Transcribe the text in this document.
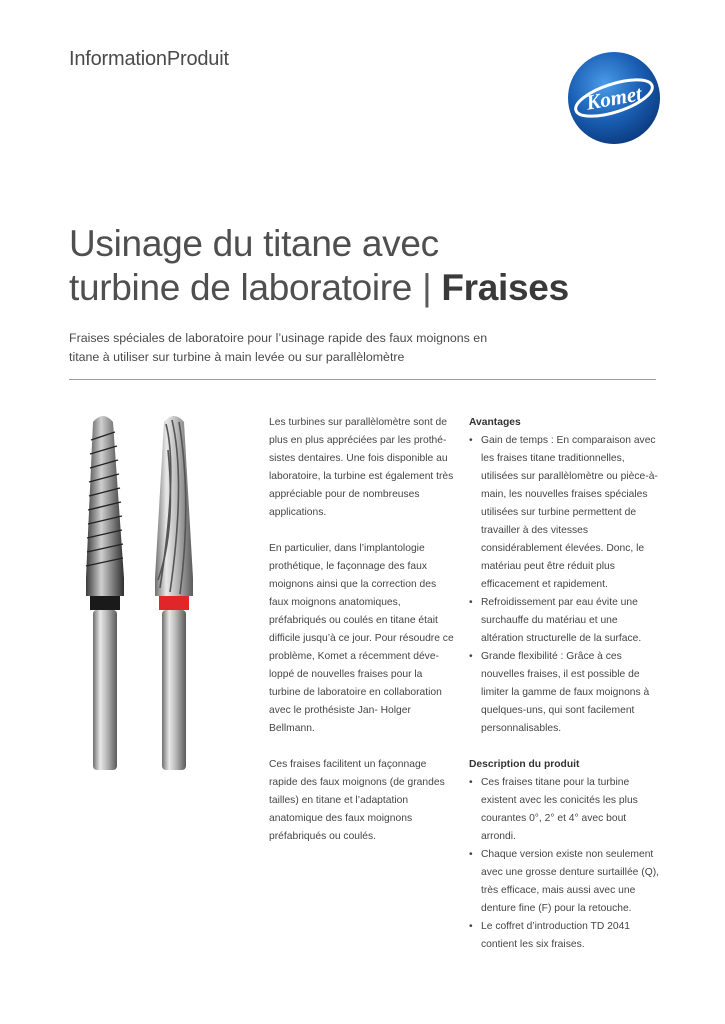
InformationProduit
Komet
Usinage du titane avec
turbine de laboratoire | Fraises
Fraises spéciales de laboratoire pour l’usinage rapide des faux moignons en titane à utiliser sur turbine à main levée ou sur parallèlomètre

Les turbines sur parallèlomètre sont de plus en plus appréciées par les prothésistes dentaires. Une fois disponible au laboratoire, la turbine est également très appréciable pour de nombreuses applications.

En particulier, dans l’implantologie prothétique, le façonnage des faux moignons ainsi que la correction des faux moignons anatomiques, préfabriqués ou coulés en titane était difficile jusqu’à ce jour. Pour résoudre ce problème, Komet a récemment développé de nouvelles fraises pour la turbine de laboratoire en collaboration avec le prothésiste Jan- Holger Bellmann.

Ces fraises facilitent un façonnage rapide des faux moignons (de grandes tailles) en titane et l’adaptation anatomique des faux moignons préfabriqués ou coulés.

Avantages
• Gain de temps : En comparaison avec les fraises titane traditionnelles, utilisées sur parallèlomètre ou pièce-à-main, les nouvelles fraises spéciales utilisées sur turbine permettent de travailler à des vitesses considérablement élevées. Donc, le matériau peut être réduit plus efficacement et rapidement.
• Refroidissement par eau évite une surchauffe du matériau et une altération structurelle de la surface.
• Grande flexibilité : Grâce à ces nouvelles fraises, il est possible de limiter la gamme de faux moignons à quelques-uns, qui sont facilement personnalisables.
Description du produit
• Ces fraises titane pour la turbine existent avec les conicités les plus courantes 0°, 2° et 4° avec bout arrondi.
• Chaque version existe non seulement avec une grosse denture surtaillée (Q), très efficace, mais aussi avec une denture fine (F) pour la retouche.
• Le coffret d’introduction TD 2041 contient les six fraises.
